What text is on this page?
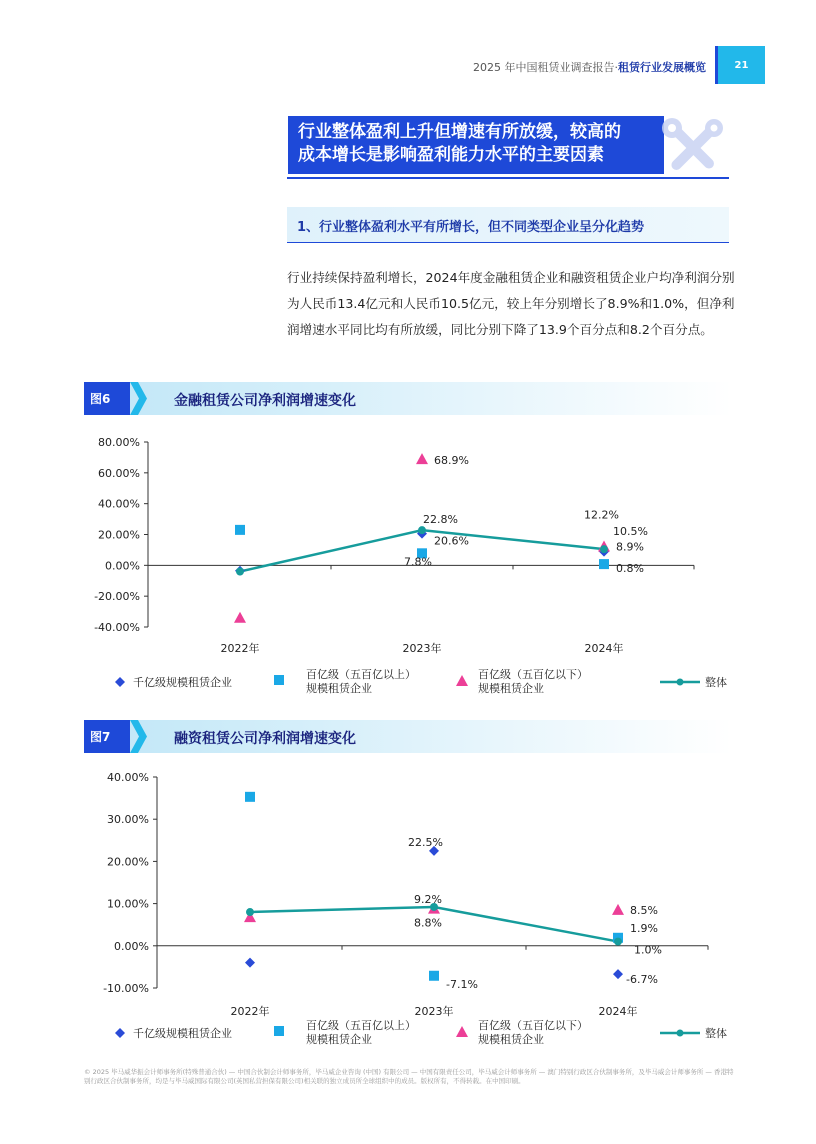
2025 年中国租赁业调查报告·租赁行业发展概览	21
行业整体盈利上升但增速有所放缓，较高的
成本增长是影响盈利能力水平的主要因素
1、行业整体盈利水平有所增长，但不同类型企业呈分化趋势
行业持续保持盈利增长，2024年度金融租赁企业和融资租赁企业户均净利润分别为人民币13.4亿元和人民币10.5亿元，较上年分别增长了8.9%和1.0%，但净利润增速水平同比均有所放缓，同比分别下降了13.9个百分点和8.2个百分点。
图6	金融租赁公司净利润增速变化
80.00%
60.00%
40.00%
20.00%
0.00%
-20.00%
-40.00%
2022年	2023年	2024年
20.6%	8.9%
7.8%
0.8%
68.9%
12.2%
22.8%
10.5%
千亿级规模租赁企业
百亿级（五百亿以上）
规模租赁企业
百亿级（五百亿以下）
规模租赁企业	整体
图7	融资租赁公司净利润增速变化
40.00%
30.00%
20.00%
10.00%
0.00%
-10.00%
2022年	2023年	2024年
22.5%
-6.7%
-7.1%
1.9%
8.8%
8.5%
9.2%
1.0%
千亿级规模租赁企业
百亿级（五百亿以上）
规模租赁企业
百亿级（五百亿以下）
规模租赁企业	整体
© 2025 毕马威华振会计师事务所(特殊普通合伙) — 中国合伙制会计师事务所，毕马威企业咨询 (中国) 有限公司 — 中国有限责任公司，毕马威会计师事务所 — 澳门特别行政区合伙制事务所，及毕马威会计师事务所 — 香港特别行政区合伙制事务所，均是与毕马威国际有限公司(英国私营担保有限公司)相关联的独立成员所全球组织中的成员。版权所有，不得转载。在中国印刷。
